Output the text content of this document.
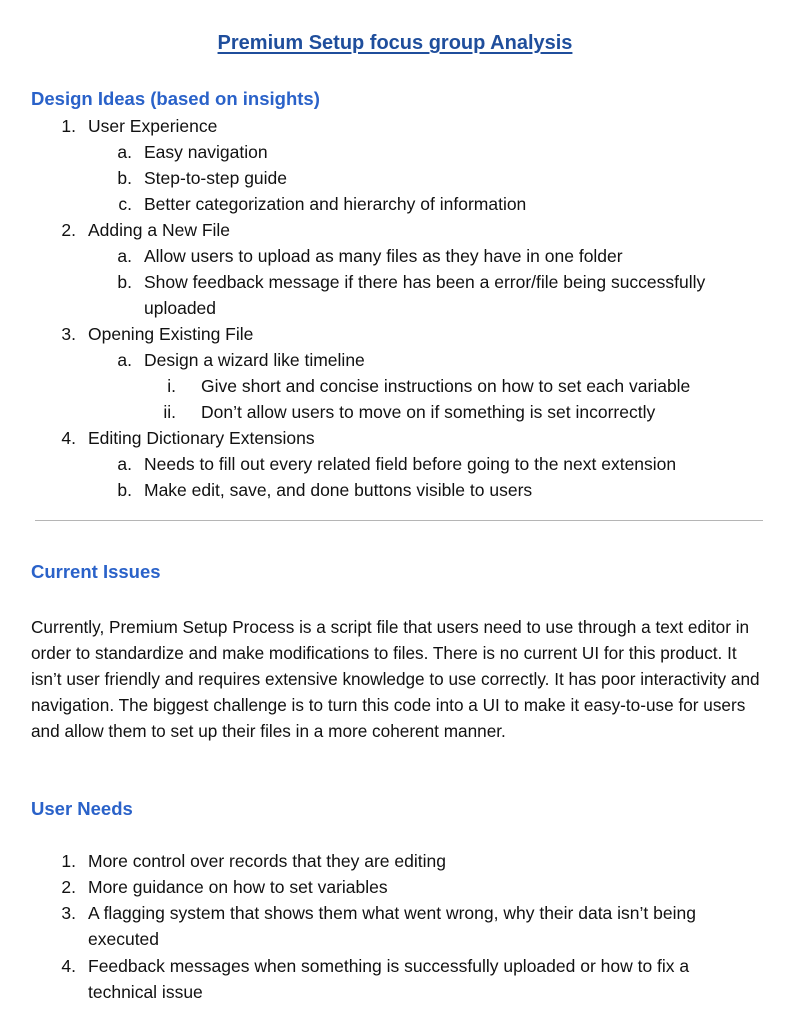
Premium Setup focus group Analysis
Design Ideas (based on insights)
1. User Experience
a. Easy navigation
b. Step-to-step guide
c. Better categorization and hierarchy of information
2. Adding a New File
a. Allow users to upload as many files as they have in one folder
b. Show feedback message if there has been a error/file being successfully
uploaded
3. Opening Existing File
a. Design a wizard like timeline
i. Give short and concise instructions on how to set each variable
ii. Don’t allow users to move on if something is set incorrectly
4. Editing Dictionary Extensions
a. Needs to fill out every related field before going to the next extension
b. Make edit, save, and done buttons visible to users
Current Issues

Currently, Premium Setup Process is a script file that users need to use through a text editor in order to standardize and make modifications to files. There is no current UI for this product. It isn’t user friendly and requires extensive knowledge to use correctly. It has poor interactivity and navigation. The biggest challenge is to turn this code into a UI to make it easy-to-use for users and allow them to set up their files in a more coherent manner.

User Needs
1. More control over records that they are editing
2. More guidance on how to set variables
3. A flagging system that shows them what went wrong, why their data isn’t being
executed
4. Feedback messages when something is successfully uploaded or how to fix a
technical issue
